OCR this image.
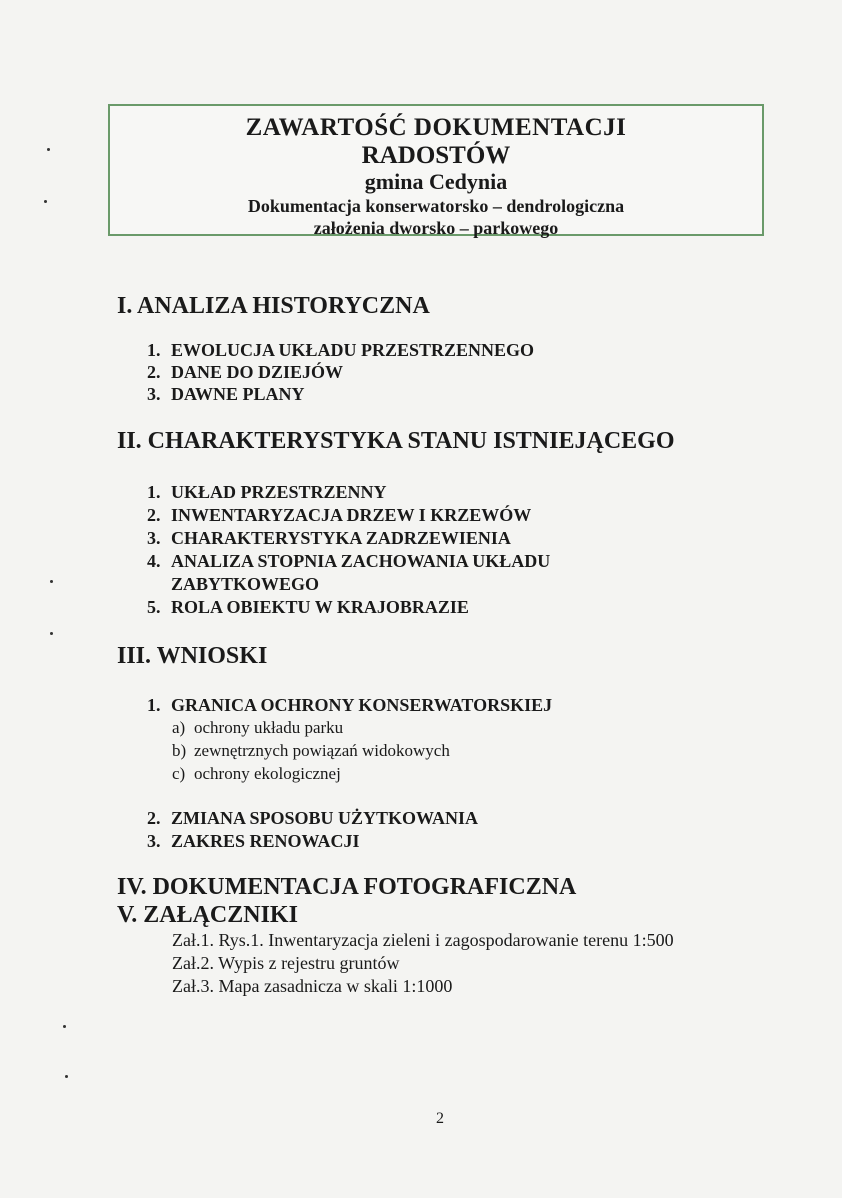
ZAWARTOŚĆ DOKUMENTACJI
RADOSTÓW
gmina Cedynia
Dokumentacja konserwatorsko – dendrologiczna
założenia dworsko – parkowego
I. ANALIZA HISTORYCZNA
1. EWOLUCJA UKŁADU PRZESTRZENNEGO
2. DANE DO DZIEJÓW
3. DAWNE PLANY
II. CHARAKTERYSTYKA STANU ISTNIEJĄCEGO
1. UKŁAD PRZESTRZENNY
2. INWENTARYZACJA DRZEW I KRZEWÓW
3. CHARAKTERYSTYKA ZADRZEWIENIA
4. ANALIZA STOPNIA ZACHOWANIA UKŁADU
ZABYTKOWEGO
5. ROLA OBIEKTU W KRAJOBRAZIE
III. WNIOSKI
1. GRANICA OCHRONY KONSERWATORSKIEJ
a) ochrony układu parku
b) zewnętrznych powiązań widokowych
c) ochrony ekologicznej
2. ZMIANA SPOSOBU UŻYTKOWANIA
3. ZAKRES RENOWACJI
IV. DOKUMENTACJA FOTOGRAFICZNA
V. ZAŁĄCZNIKI
Zał.1. Rys.1. Inwentaryzacja zieleni i zagospodarowanie terenu 1:500
Zał.2. Wypis z rejestru gruntów
Zał.3. Mapa zasadnicza w skali 1:1000
2
